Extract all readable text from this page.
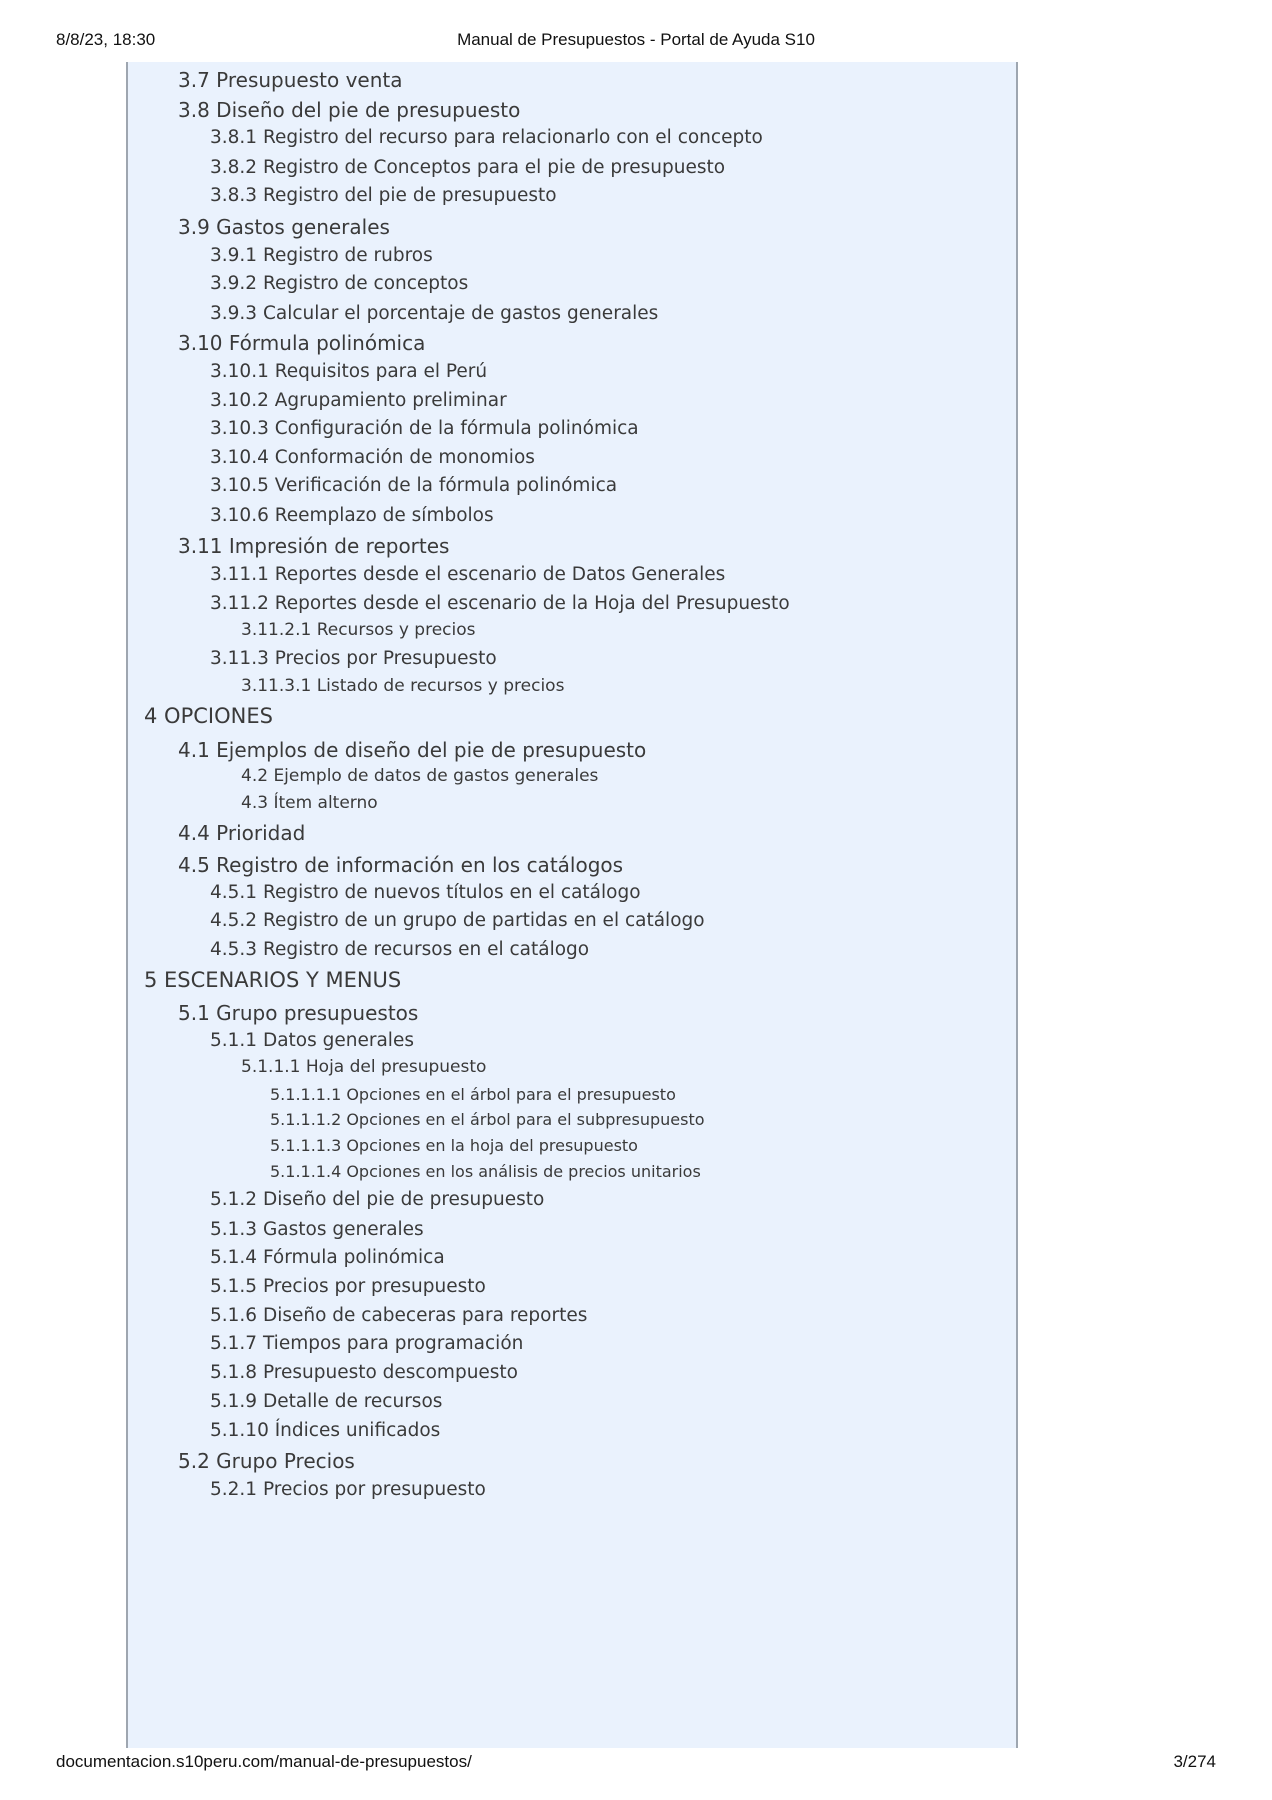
8/8/23, 18:30	Manual de Presupuestos - Portal de Ayuda S10
3.7 Presupuesto venta
3.8 Diseño del pie de presupuesto
3.8.1 Registro del recurso para relacionarlo con el concepto
3.8.2 Registro de Conceptos para el pie de presupuesto
3.8.3 Registro del pie de presupuesto
3.9 Gastos generales
3.9.1 Registro de rubros
3.9.2 Registro de conceptos
3.9.3 Calcular el porcentaje de gastos generales
3.10 Fórmula polinómica
3.10.1 Requisitos para el Perú
3.10.2 Agrupamiento preliminar
3.10.3 Configuración de la fórmula polinómica
3.10.4 Conformación de monomios
3.10.5 Verificación de la fórmula polinómica
3.10.6 Reemplazo de símbolos
3.11 Impresión de reportes
3.11.1 Reportes desde el escenario de Datos Generales
3.11.2 Reportes desde el escenario de la Hoja del Presupuesto
3.11.2.1 Recursos y precios
3.11.3 Precios por Presupuesto
3.11.3.1 Listado de recursos y precios
4 OPCIONES
4.1 Ejemplos de diseño del pie de presupuesto
4.2 Ejemplo de datos de gastos generales
4.3 Ítem alterno
4.4 Prioridad
4.5 Registro de información en los catálogos
4.5.1 Registro de nuevos títulos en el catálogo
4.5.2 Registro de un grupo de partidas en el catálogo
4.5.3 Registro de recursos en el catálogo
5 ESCENARIOS Y MENUS
5.1 Grupo presupuestos
5.1.1 Datos generales
5.1.1.1 Hoja del presupuesto
5.1.1.1.1 Opciones en el árbol para el presupuesto
5.1.1.1.2 Opciones en el árbol para el subpresupuesto
5.1.1.1.3 Opciones en la hoja del presupuesto
5.1.1.1.4 Opciones en los análisis de precios unitarios
5.1.2 Diseño del pie de presupuesto
5.1.3 Gastos generales
5.1.4 Fórmula polinómica
5.1.5 Precios por presupuesto
5.1.6 Diseño de cabeceras para reportes
5.1.7 Tiempos para programación
5.1.8 Presupuesto descompuesto
5.1.9 Detalle de recursos
5.1.10 Índices unificados
5.2 Grupo Precios
5.2.1 Precios por presupuesto
documentacion.s10peru.com/manual-de-presupuestos/	3/274
